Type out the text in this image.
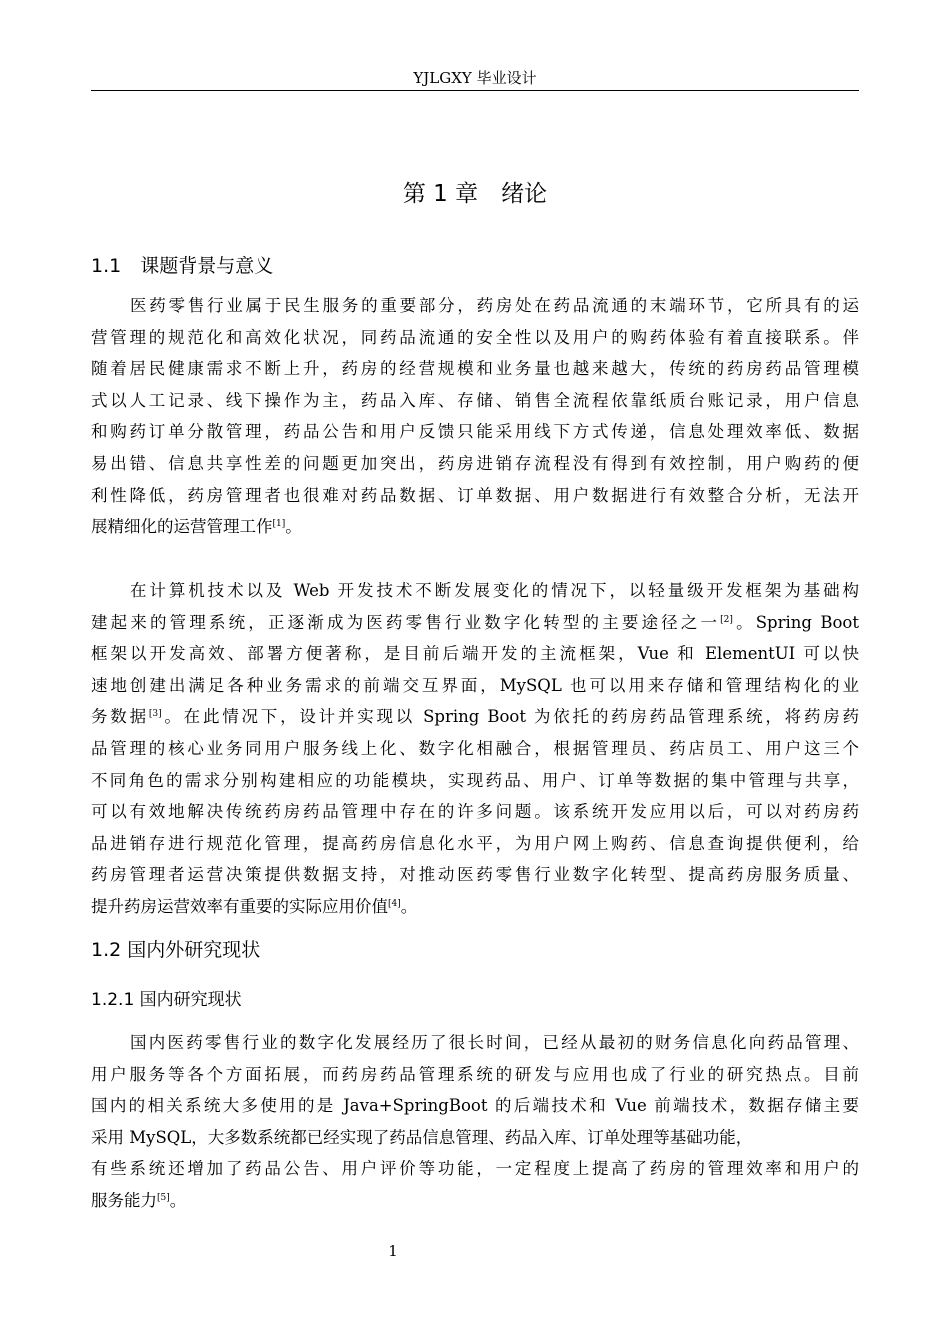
YJLGXY 毕业设计
第 1 章　绪论
1.1　课题背景与意义
医药零售行业属于民生服务的重要部分，药房处在药品流通的末端环节，它所具有的运
营管理的规范化和高效化状况，同药品流通的安全性以及用户的购药体验有着直接联系。伴
随着居民健康需求不断上升，药房的经营规模和业务量也越来越大，传统的药房药品管理模
式以人工记录、线下操作为主，药品入库、存储、销售全流程依靠纸质台账记录，用户信息
和购药订单分散管理，药品公告和用户反馈只能采用线下方式传递，信息处理效率低、数据
易出错、信息共享性差的问题更加突出，药房进销存流程没有得到有效控制，用户购药的便
利性降低，药房管理者也很难对药品数据、订单数据、用户数据进行有效整合分析，无法开
展精细化的运营管理工作[1]。
在计算机技术以及 Web 开发技术不断发展变化的情况下，以轻量级开发框架为基础构
建起来的管理系统，正逐渐成为医药零售行业数字化转型的主要途径之一[2]。Spring Boot
框架以开发高效、部署方便著称，是目前后端开发的主流框架，Vue 和 ElementUI 可以快
速地创建出满足各种业务需求的前端交互界面，MySQL 也可以用来存储和管理结构化的业
务数据[3]。在此情况下，设计并实现以 Spring Boot 为依托的药房药品管理系统，将药房药
品管理的核心业务同用户服务线上化、数字化相融合，根据管理员、药店员工、用户这三个
不同角色的需求分别构建相应的功能模块，实现药品、用户、订单等数据的集中管理与共享，
可以有效地解决传统药房药品管理中存在的许多问题。该系统开发应用以后，可以对药房药
品进销存进行规范化管理，提高药房信息化水平，为用户网上购药、信息查询提供便利，给
药房管理者运营决策提供数据支持，对推动医药零售行业数字化转型、提高药房服务质量、
提升药房运营效率有重要的实际应用价值[4]。
1.2 国内外研究现状
1.2.1 国内研究现状
国内医药零售行业的数字化发展经历了很长时间，已经从最初的财务信息化向药品管理、
用户服务等各个方面拓展，而药房药品管理系统的研发与应用也成了行业的研究热点。目前
国内的相关系统大多使用的是 Java+SpringBoot 的后端技术和 Vue 前端技术，数据存储主要
采用 MySQL，大多数系统都已经实现了药品信息管理、药品入库、订单处理等基础功能，
有些系统还增加了药品公告、用户评价等功能，一定程度上提高了药房的管理效率和用户的
服务能力[5]。
1
